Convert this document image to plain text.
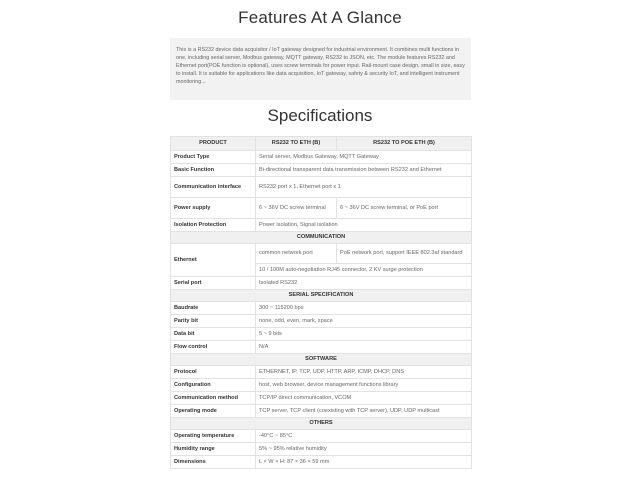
Features At A Glance
This is a RS232 device data acquisitor / IoT gateway designed for industrial environment. It combines multi functions in one, including serial server, Modbus gateway, MQTT gateway, RS232 to JSON, etc. The module features RS232 and Ethernet port(POE function is optional), uses screw terminals for power input. Rail-mount case design, small in size, easy to install. It is suitable for applications like data acquisition, IoT gateway, safety & security IoT, and intelligent instrument monitoring...
Specifications
PRODUCT	RS232 TO ETH (B)	RS232 TO POE ETH (B)
Product Type	Serial server, Modbus Gateway, MQTT Gateway	
Basic Function	Bi-directional transparent data transmission between RS232 and Ethernet	
Communication interface	RS232 port x 1, Ethernet port x 1	
Power supply	6 ~ 36V DC screw terminal	6 ~ 36V DC screw terminal, or PoE port
Isolation Protection	Power isolation, Signal isolation	
COMMUNICATION		
Ethernet	common network port	PoE network port, support IEEE 802.3af standard
	10 / 100M auto-negotiation RJ45 connector, 2 KV surge protection	
Serial port	Isolated RS232	
SERIAL SPECIFICATION		
Baudrate	300 ~ 115200 bps	
Parity bit	none, odd, even, mark, space	
Data bit	5 ~ 9 bits	
Flow control	N/A	
SOFTWARE		
Protocol	ETHERNET, IP, TCP, UDP, HTTP, ARP, ICMP, DHCP, DNS	
Configuration	host, web browser, device management functions library	
Communication method	TCP/IP direct communication, VCOM	
Operating mode	TCP server, TCP client (coexisting with TCP server), UDP, UDP multicast	
OTHERS		
Operating temperature	-40°C ~ 85°C	
Humidity range	5% ~ 95% relative humidity	
Dimensions	L × W × H: 87 × 36 × 59 mm	
